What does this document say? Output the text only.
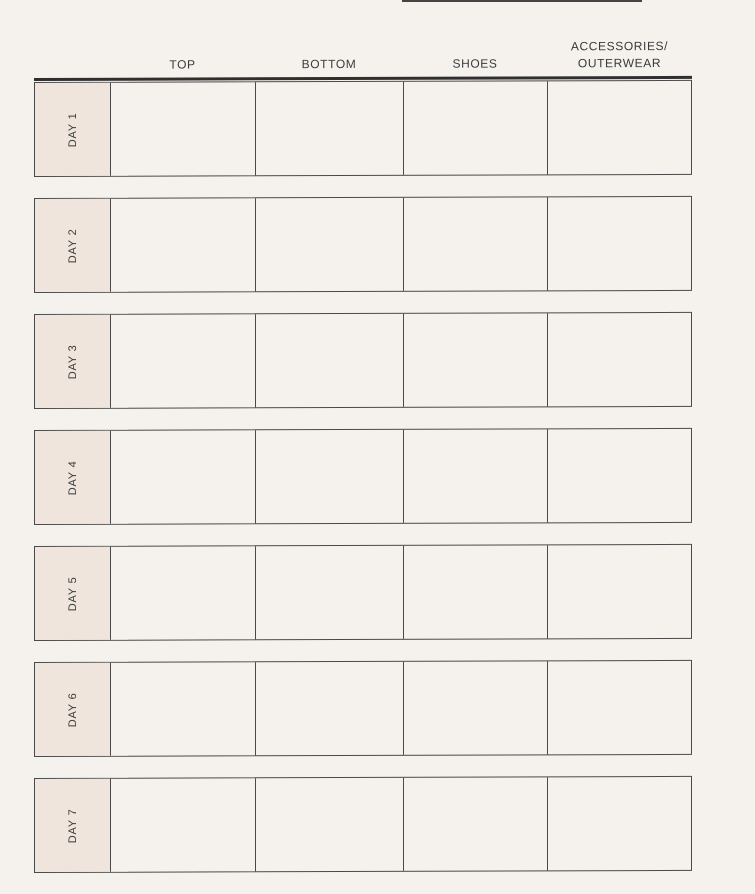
TOP	BOTTOM	SHOES
ACCESSORIES/
OUTERWEAR
DAY 1
DAY 2
DAY 3
DAY 4
DAY 5
DAY 6
DAY 7
